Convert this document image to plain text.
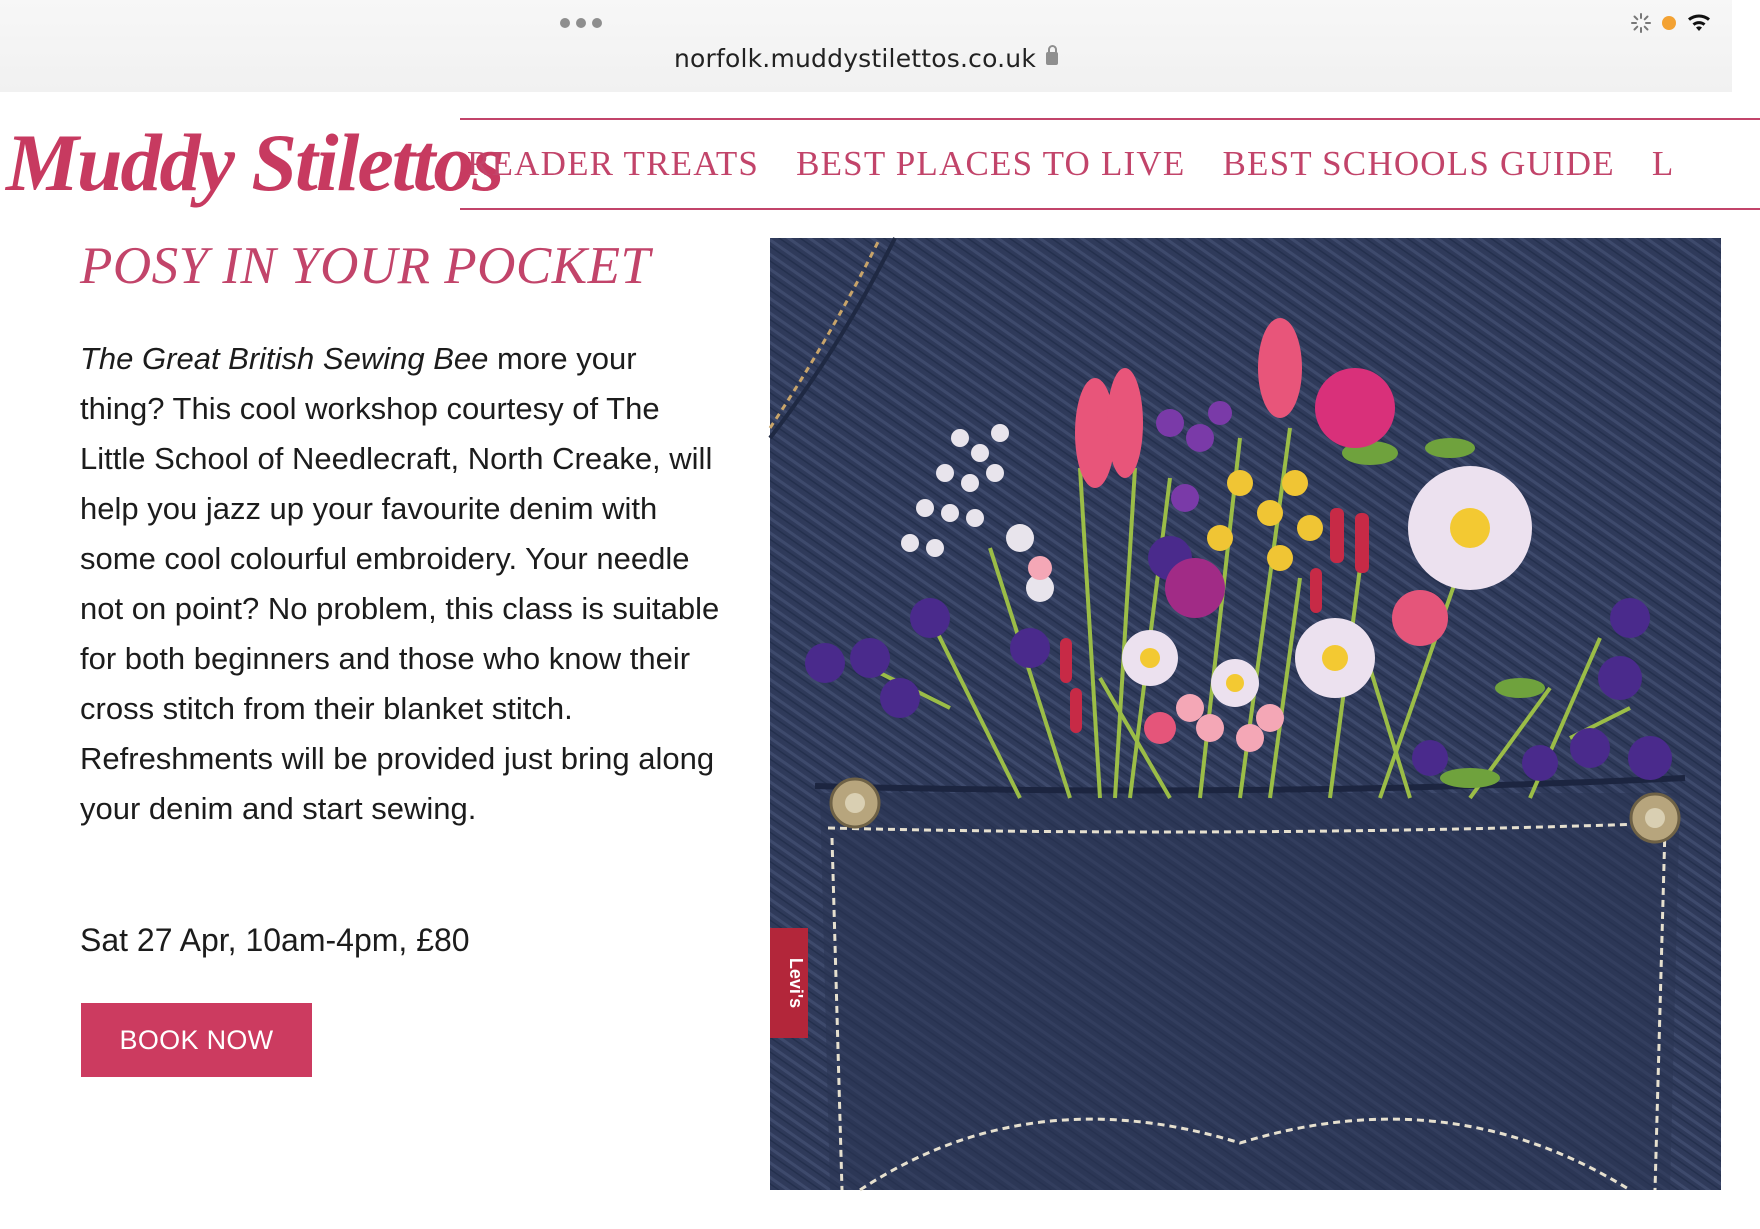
norfolk.muddystilettos.co.uk
Muddy Stilettos
READER TREATS BEST PLACES TO LIVE BEST SCHOOLS GUIDE L
POSY IN YOUR POCKET

The Great British Sewing Bee more your thing? This cool workshop courtesy of The Little School of Needlecraft, North Creake, will help you jazz up your favourite denim with some cool colourful embroidery. Your needle not on point? No problem, this class is suitable for both beginners and those who know their cross stitch from their blanket stitch. Refreshments will be provided just bring along your denim and start sewing.

Sat 27 Apr, 10am-4pm, £80

BOOK NOW
Levi's
